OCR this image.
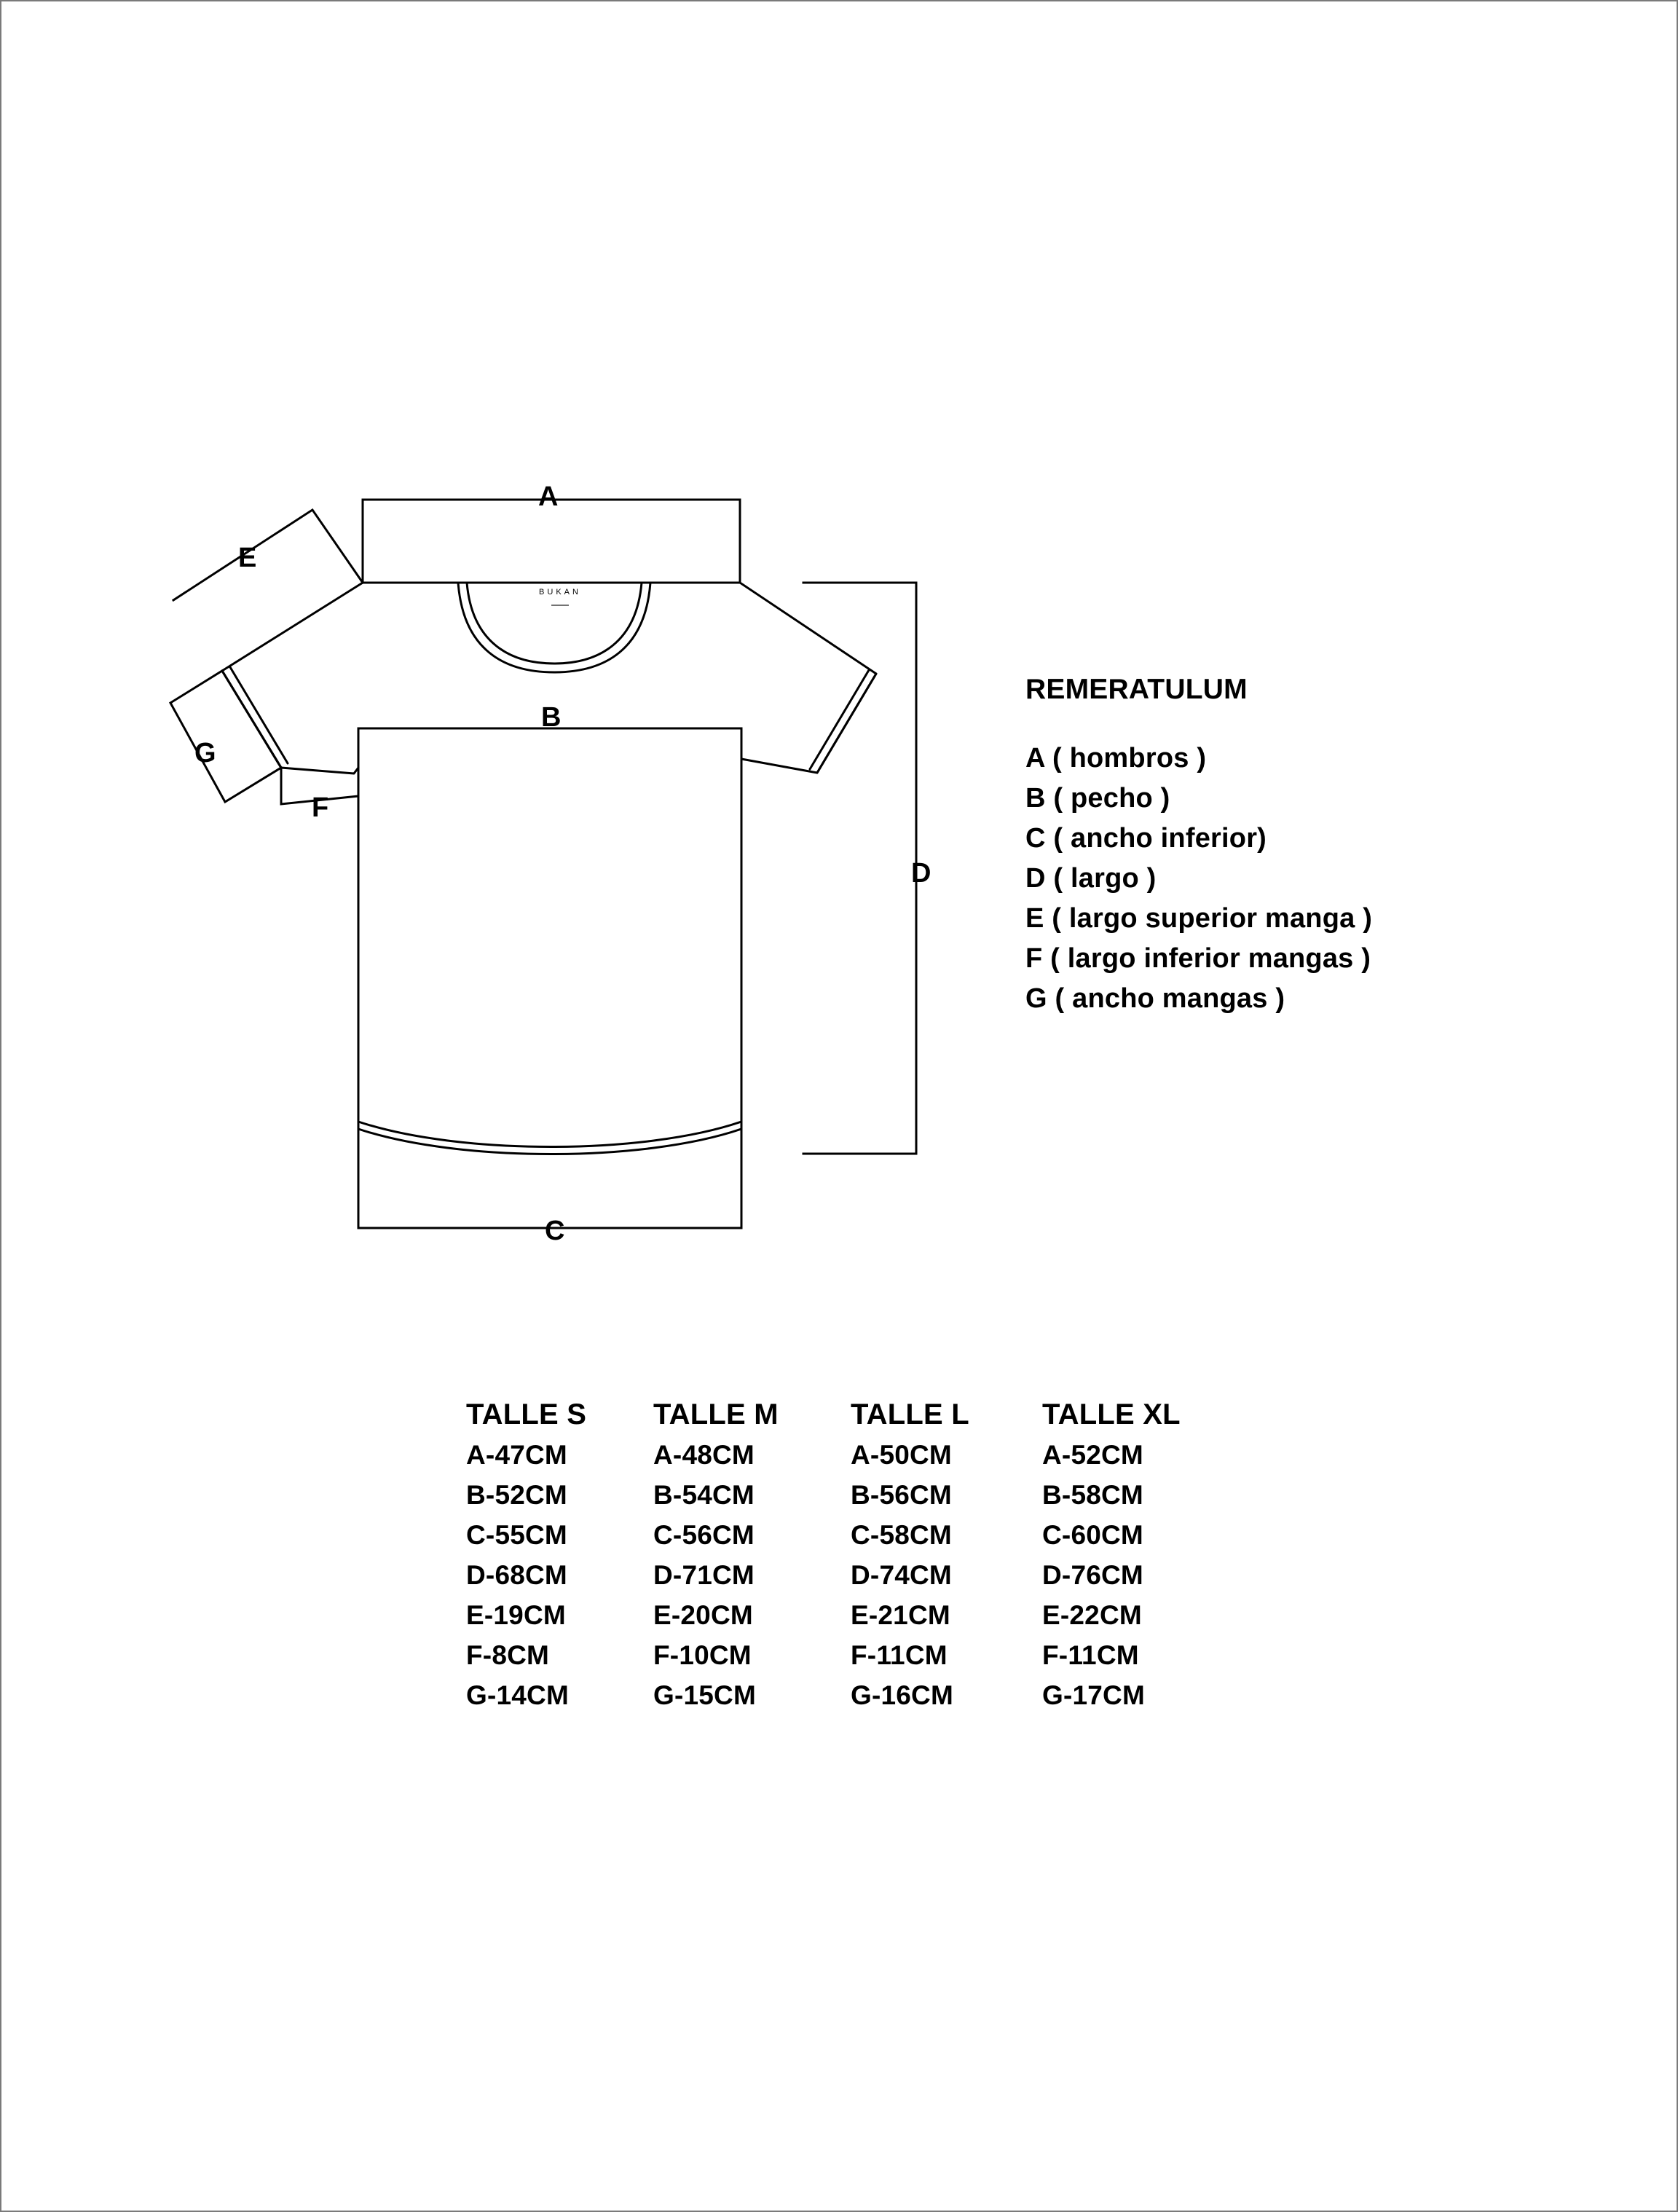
A
B
C
D
E
F
G
BUKAN
REMERATULUM
A ( hombros )
B ( pecho )
C ( ancho inferior)
D ( largo )
E ( largo superior manga )
F ( largo inferior mangas )
G ( ancho mangas )
TALLE S
A-47CM
B-52CM
C-55CM
D-68CM
E-19CM
F-8CM
G-14CM
TALLE M
A-48CM
B-54CM
C-56CM
D-71CM
E-20CM
F-10CM
G-15CM
TALLE L
A-50CM
B-56CM
C-58CM
D-74CM
E-21CM
F-11CM
G-16CM
TALLE XL
A-52CM
B-58CM
C-60CM
D-76CM
E-22CM
F-11CM
G-17CM
